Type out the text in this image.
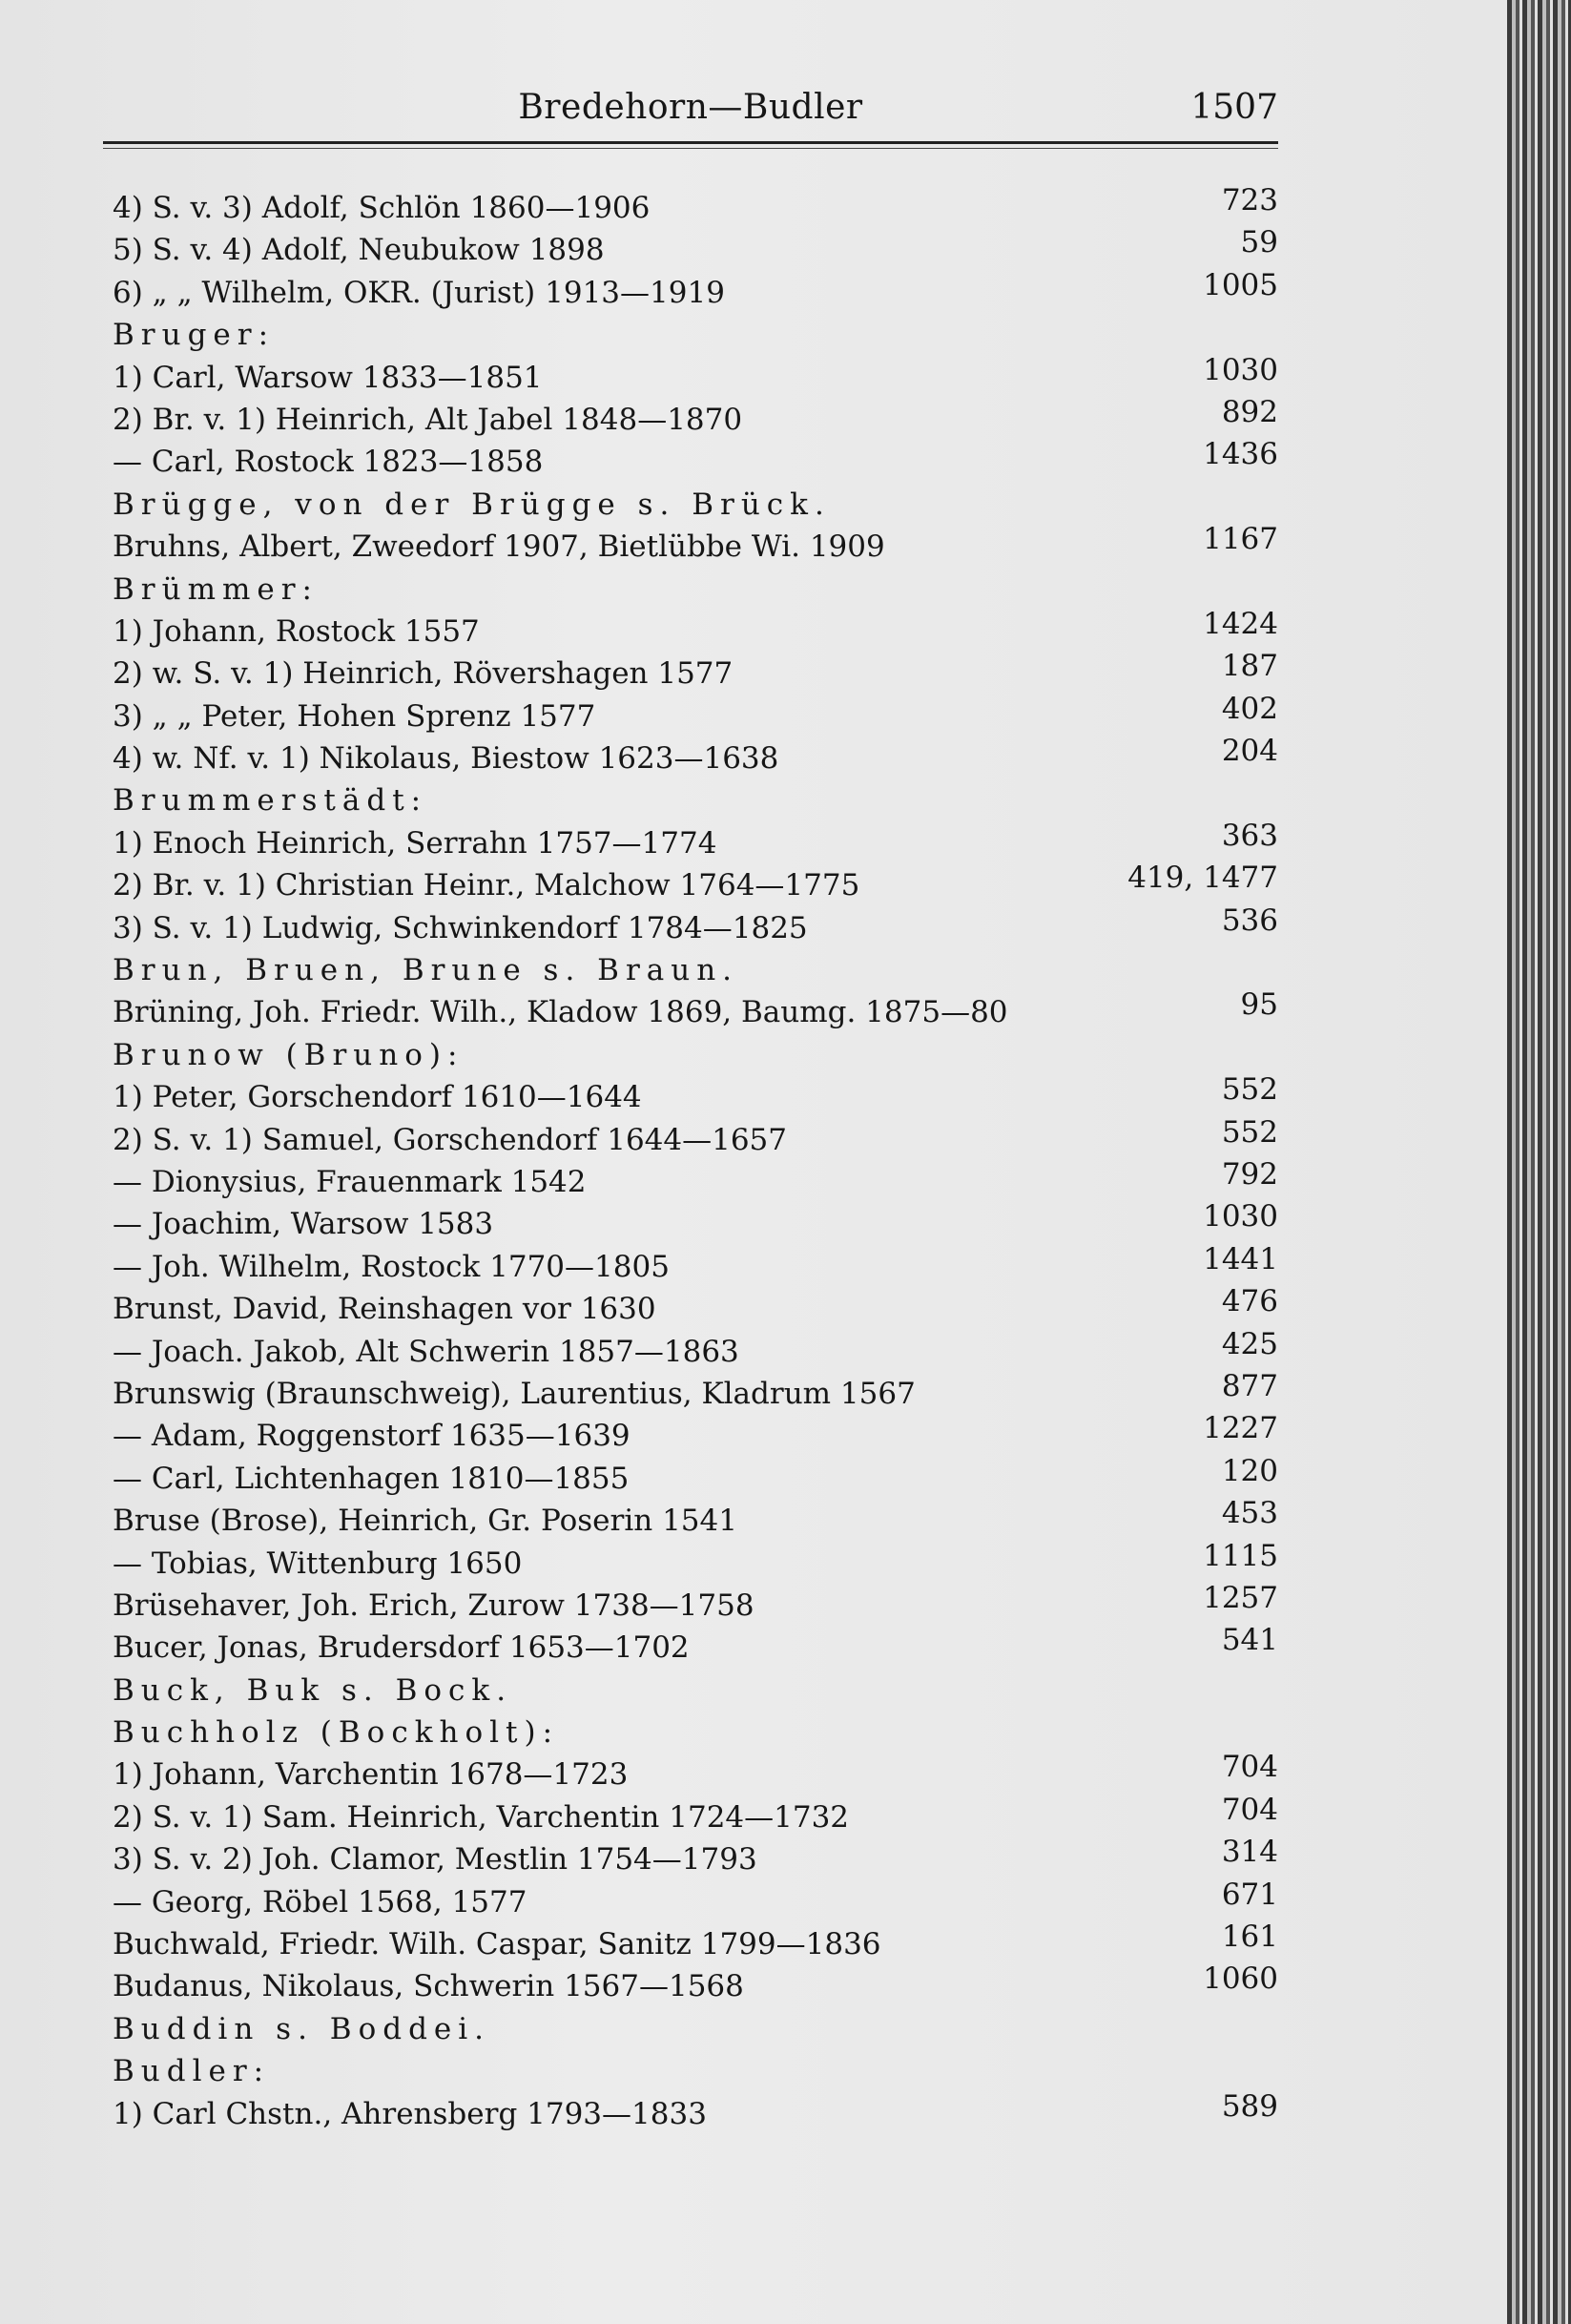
Bredehorn—Budler	1507
4) S. v. 3) Adolf, Schlön 1860—1906	723
5) S. v. 4) Adolf, Neubukow 1898	59
6) „ „ Wilhelm, OKR. (Jurist) 1913—1919	1005
Bruger:
1) Carl, Warsow 1833—1851	1030
2) Br. v. 1) Heinrich, Alt Jabel 1848—1870	892
— Carl, Rostock 1823—1858	1436
Brügge, von der Brügge s. Brück.
Bruhns, Albert, Zweedorf 1907, Bietlübbe Wi. 1909	1167
Brümmer:
1) Johann, Rostock 1557	1424
2) w. S. v. 1) Heinrich, Rövershagen 1577	187
3) „ „ Peter, Hohen Sprenz 1577	402
4) w. Nf. v. 1) Nikolaus, Biestow 1623—1638	204
Brummerstädt:
1) Enoch Heinrich, Serrahn 1757—1774	363
2) Br. v. 1) Christian Heinr., Malchow 1764—1775	419, 1477
3) S. v. 1) Ludwig, Schwinkendorf 1784—1825	536
Brun, Bruen, Brune s. Braun.
Brüning, Joh. Friedr. Wilh., Kladow 1869, Baumg. 1875—80	95
Brunow (Bruno):
1) Peter, Gorschendorf 1610—1644	552
2) S. v. 1) Samuel, Gorschendorf 1644—1657	552
— Dionysius, Frauenmark 1542	792
— Joachim, Warsow 1583	1030
— Joh. Wilhelm, Rostock 1770—1805	1441
Brunst, David, Reinshagen vor 1630	476
— Joach. Jakob, Alt Schwerin 1857—1863	425
Brunswig (Braunschweig), Laurentius, Kladrum 1567	877
— Adam, Roggenstorf 1635—1639	1227
— Carl, Lichtenhagen 1810—1855	120
Bruse (Brose), Heinrich, Gr. Poserin 1541	453
— Tobias, Wittenburg 1650	1115
Brüsehaver, Joh. Erich, Zurow 1738—1758	1257
Bucer, Jonas, Brudersdorf 1653—1702	541
Buck, Buk s. Bock.
Buchholz (Bockholt):
1) Johann, Varchentin 1678—1723	704
2) S. v. 1) Sam. Heinrich, Varchentin 1724—1732	704
3) S. v. 2) Joh. Clamor, Mestlin 1754—1793	314
— Georg, Röbel 1568, 1577	671
Buchwald, Friedr. Wilh. Caspar, Sanitz 1799—1836	161
Budanus, Nikolaus, Schwerin 1567—1568	1060
Buddin s. Boddei.
Budler:
1) Carl Chstn., Ahrensberg 1793—1833	589
